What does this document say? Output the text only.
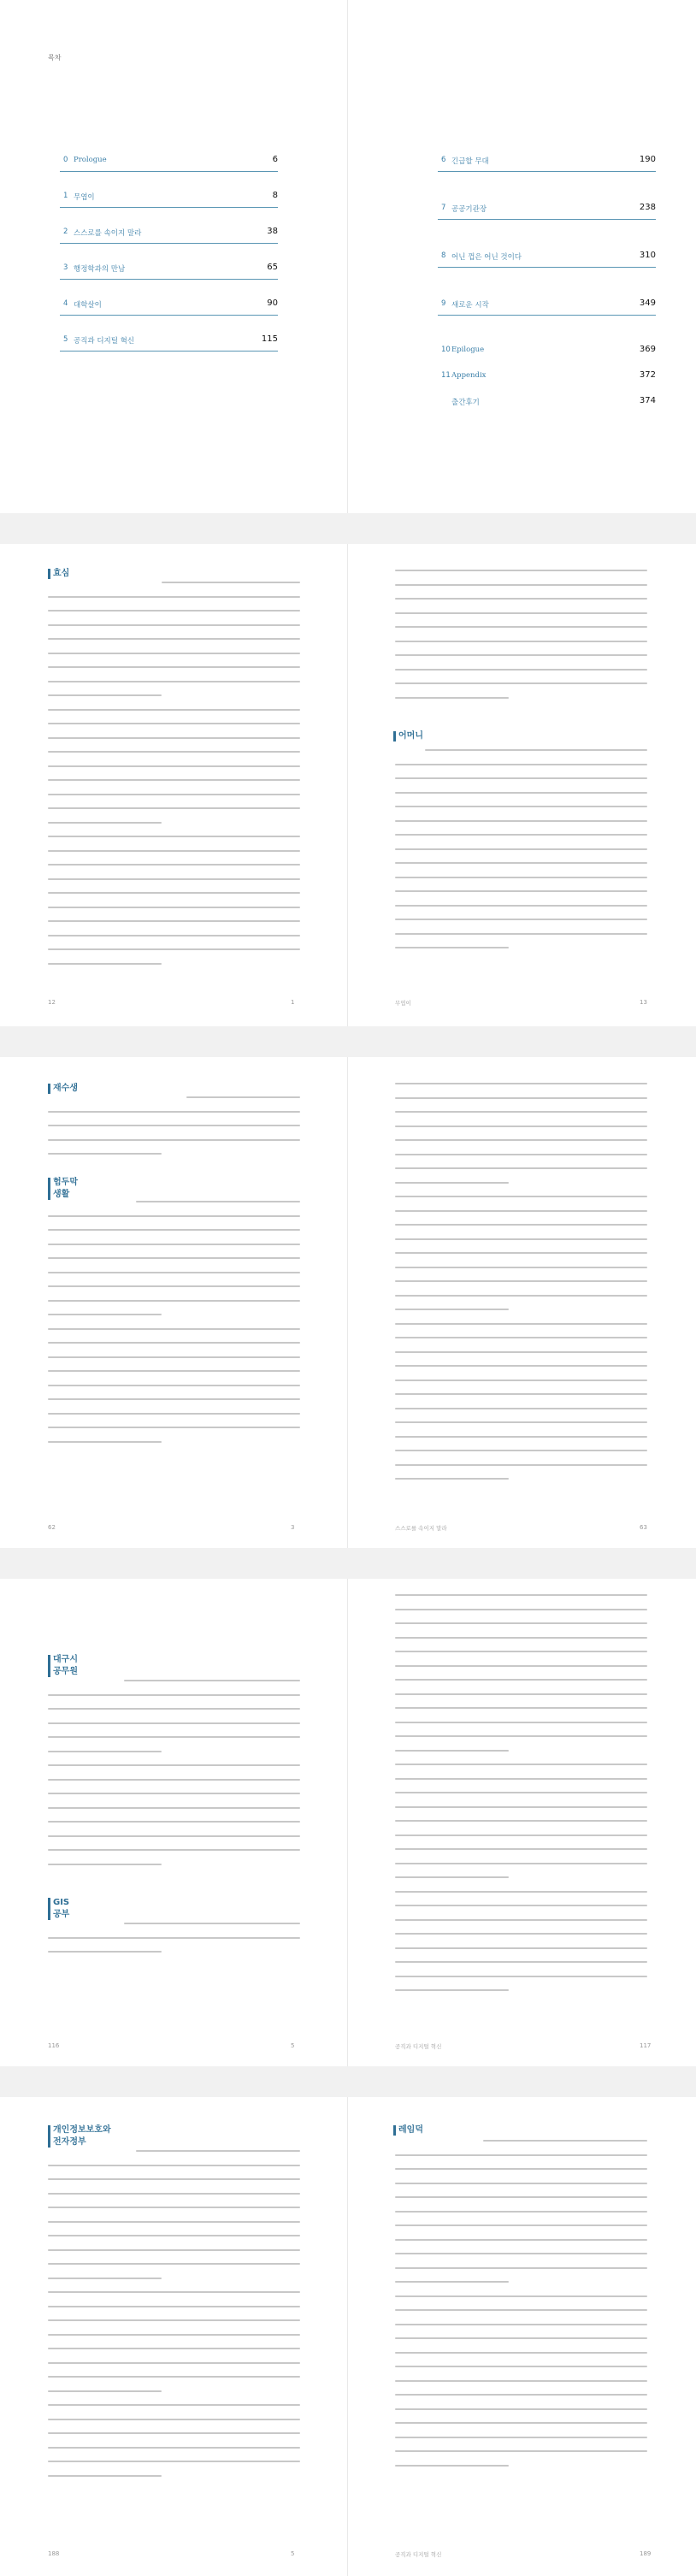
목차
0 Prologue	6
1 무엽이	8
2 스스로를 속이지 말라	38
3 행정학과의 만남	65
4 대학살이	90
5 공직과 디지털 혁신	115
6 긴급할 무대	190
7 공공기관장	238
8 어닌 껍은 어닌 것이다	310
9 새로운 시작	349
10 Epilogue	369
11 Appendix	372
출간후기	374
효심
어머니
12	1	무엽이	13
재수생
험두막
생활
62	3	스스로를 속이지 말라	63
대구시
공무원
GIS
공부
116	5	공직과 디지털 혁신	117
개인정보보호와
전자정부
레임덕
188	5	공직과 디지털 혁신	189
